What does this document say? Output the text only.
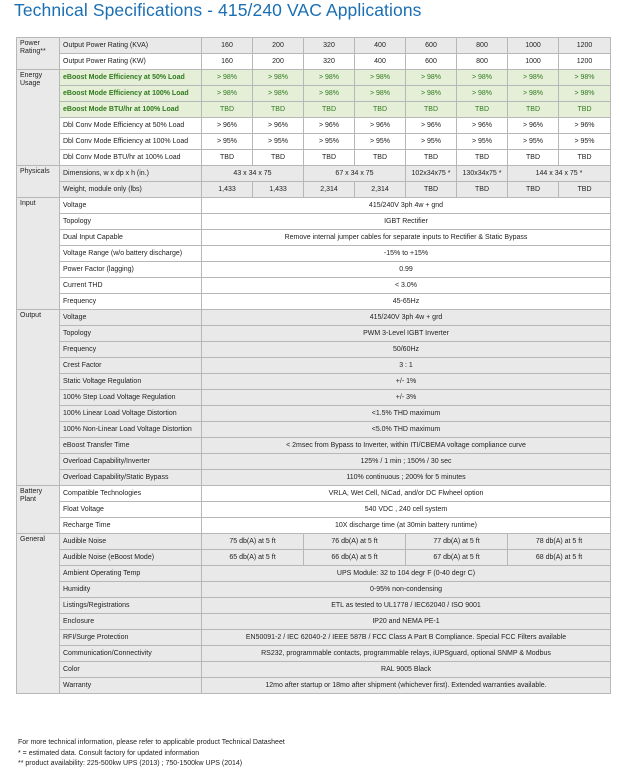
Technical Specifications - 415/240 VAC Applications
Power Rating**	Output Power Rating (KVA)	160	200	320	400	600	800	1000	1200
	Output Power Rating (KW)	160	200	320	400	600	800	1000	1200
Energy Usage	eBoost Mode Efficiency at 50% Load	> 98%	> 98%	> 98%	> 98%	> 98%	> 98%	> 98%	> 98%
	eBoost Mode Efficiency at 100% Load	> 98%	> 98%	> 98%	> 98%	> 98%	> 98%	> 98%	> 98%
	eBoost Mode BTU/hr at 100% Load	TBD	TBD	TBD	TBD	TBD	TBD	TBD	TBD
	Dbl Conv Mode Efficiency at 50% Load	> 96%	> 96%	> 96%	> 96%	> 96%	> 96%	> 96%	> 96%
	Dbl Conv Mode Efficiency at 100% Load	> 95%	> 95%	> 95%	> 95%	> 95%	> 95%	> 95%	> 95%
	Dbl Conv Mode BTU/hr at 100% Load	TBD	TBD	TBD	TBD	TBD	TBD	TBD	TBD
Physicals	Dimensions, w x dp x h (in.)	43 x 34 x 75		67 x 34 x 75		102x34x75 *	130x34x75 *	144 x 34 x 75 *	
	Weight, module only (lbs)	1,433	1,433	2,314	2,314	TBD	TBD	TBD	TBD
Input	Voltage	415/240V 3ph 4w + gnd							
	Topology	IGBT Rectifier							
	Dual Input Capable	Remove internal jumper cables for separate inputs to Rectifier & Static Bypass							
	Voltage Range (w/o battery discharge)	-15% to +15%							
	Power Factor (lagging)	0.99							
	Current THD	< 3.0%							
	Frequency	45-65Hz							
Output	Voltage	415/240V 3ph 4w + grd							
	Topology	PWM 3-Level IGBT Inverter							
	Frequency	50/60Hz							
	Crest Factor	3 : 1							
	Static Voltage Regulation	+/- 1%							
	100% Step Load Voltage Regulation	+/- 3%							
	100% Linear Load Voltage Distortion	<1.5% THD maximum							
	100% Non-Linear Load Voltage Distortion	<5.0% THD maximum							
	eBoost Transfer Time	< 2msec from Bypass to Inverter, within ITI/CBEMA voltage compliance curve							
	Overload Capability/Inverter	125% / 1 min ; 150% / 30 sec							
	Overload Capability/Static Bypass	110% continuous ; 200% for 5 minutes							
Battery Plant	Compatible Technologies	VRLA, Wet Cell, NiCad, and/or DC Flwheel option							
	Float Voltage	540 VDC , 240 cell system							
	Recharge Time	10X discharge time (at 30min battery runtime)							
General	Audible Noise	75 db(A) at 5 ft		76 db(A) at 5 ft		77 db(A) at 5 ft		78 db(A) at 5 ft	
	Audible Noise (eBoost Mode)	65 db(A) at 5 ft		66 db(A) at 5 ft		67 db(A) at 5 ft		68 db(A) at 5 ft	
	Ambient Operating Temp	UPS Module: 32 to 104 degr F (0-40 degr C)							
	Humidity	0-95% non-condensing							
	Listings/Registrations	ETL as tested to UL1778 / IEC62040 / ISO 9001							
	Enclosure	IP20 and NEMA PE-1							
	RFI/Surge Protection	EN50091-2 / IEC 62040-2 / IEEE 587B / FCC Class A Part B Compliance. Special FCC Filters available							
	Communication/Connectivity	RS232, programmable contacts, programmable relays, iUPSguard, optional SNMP & Modbus							
	Color	RAL 9005 Black							
	Warranty	12mo after startup or 18mo after shipment (whichever first). Extended warranties available.							
For more technical information, please refer to applicable product Technical Datasheet
* = estimated data. Consult factory for updated information
** product availability: 225-500kw UPS (2013) ; 750-1500kw UPS (2014)
